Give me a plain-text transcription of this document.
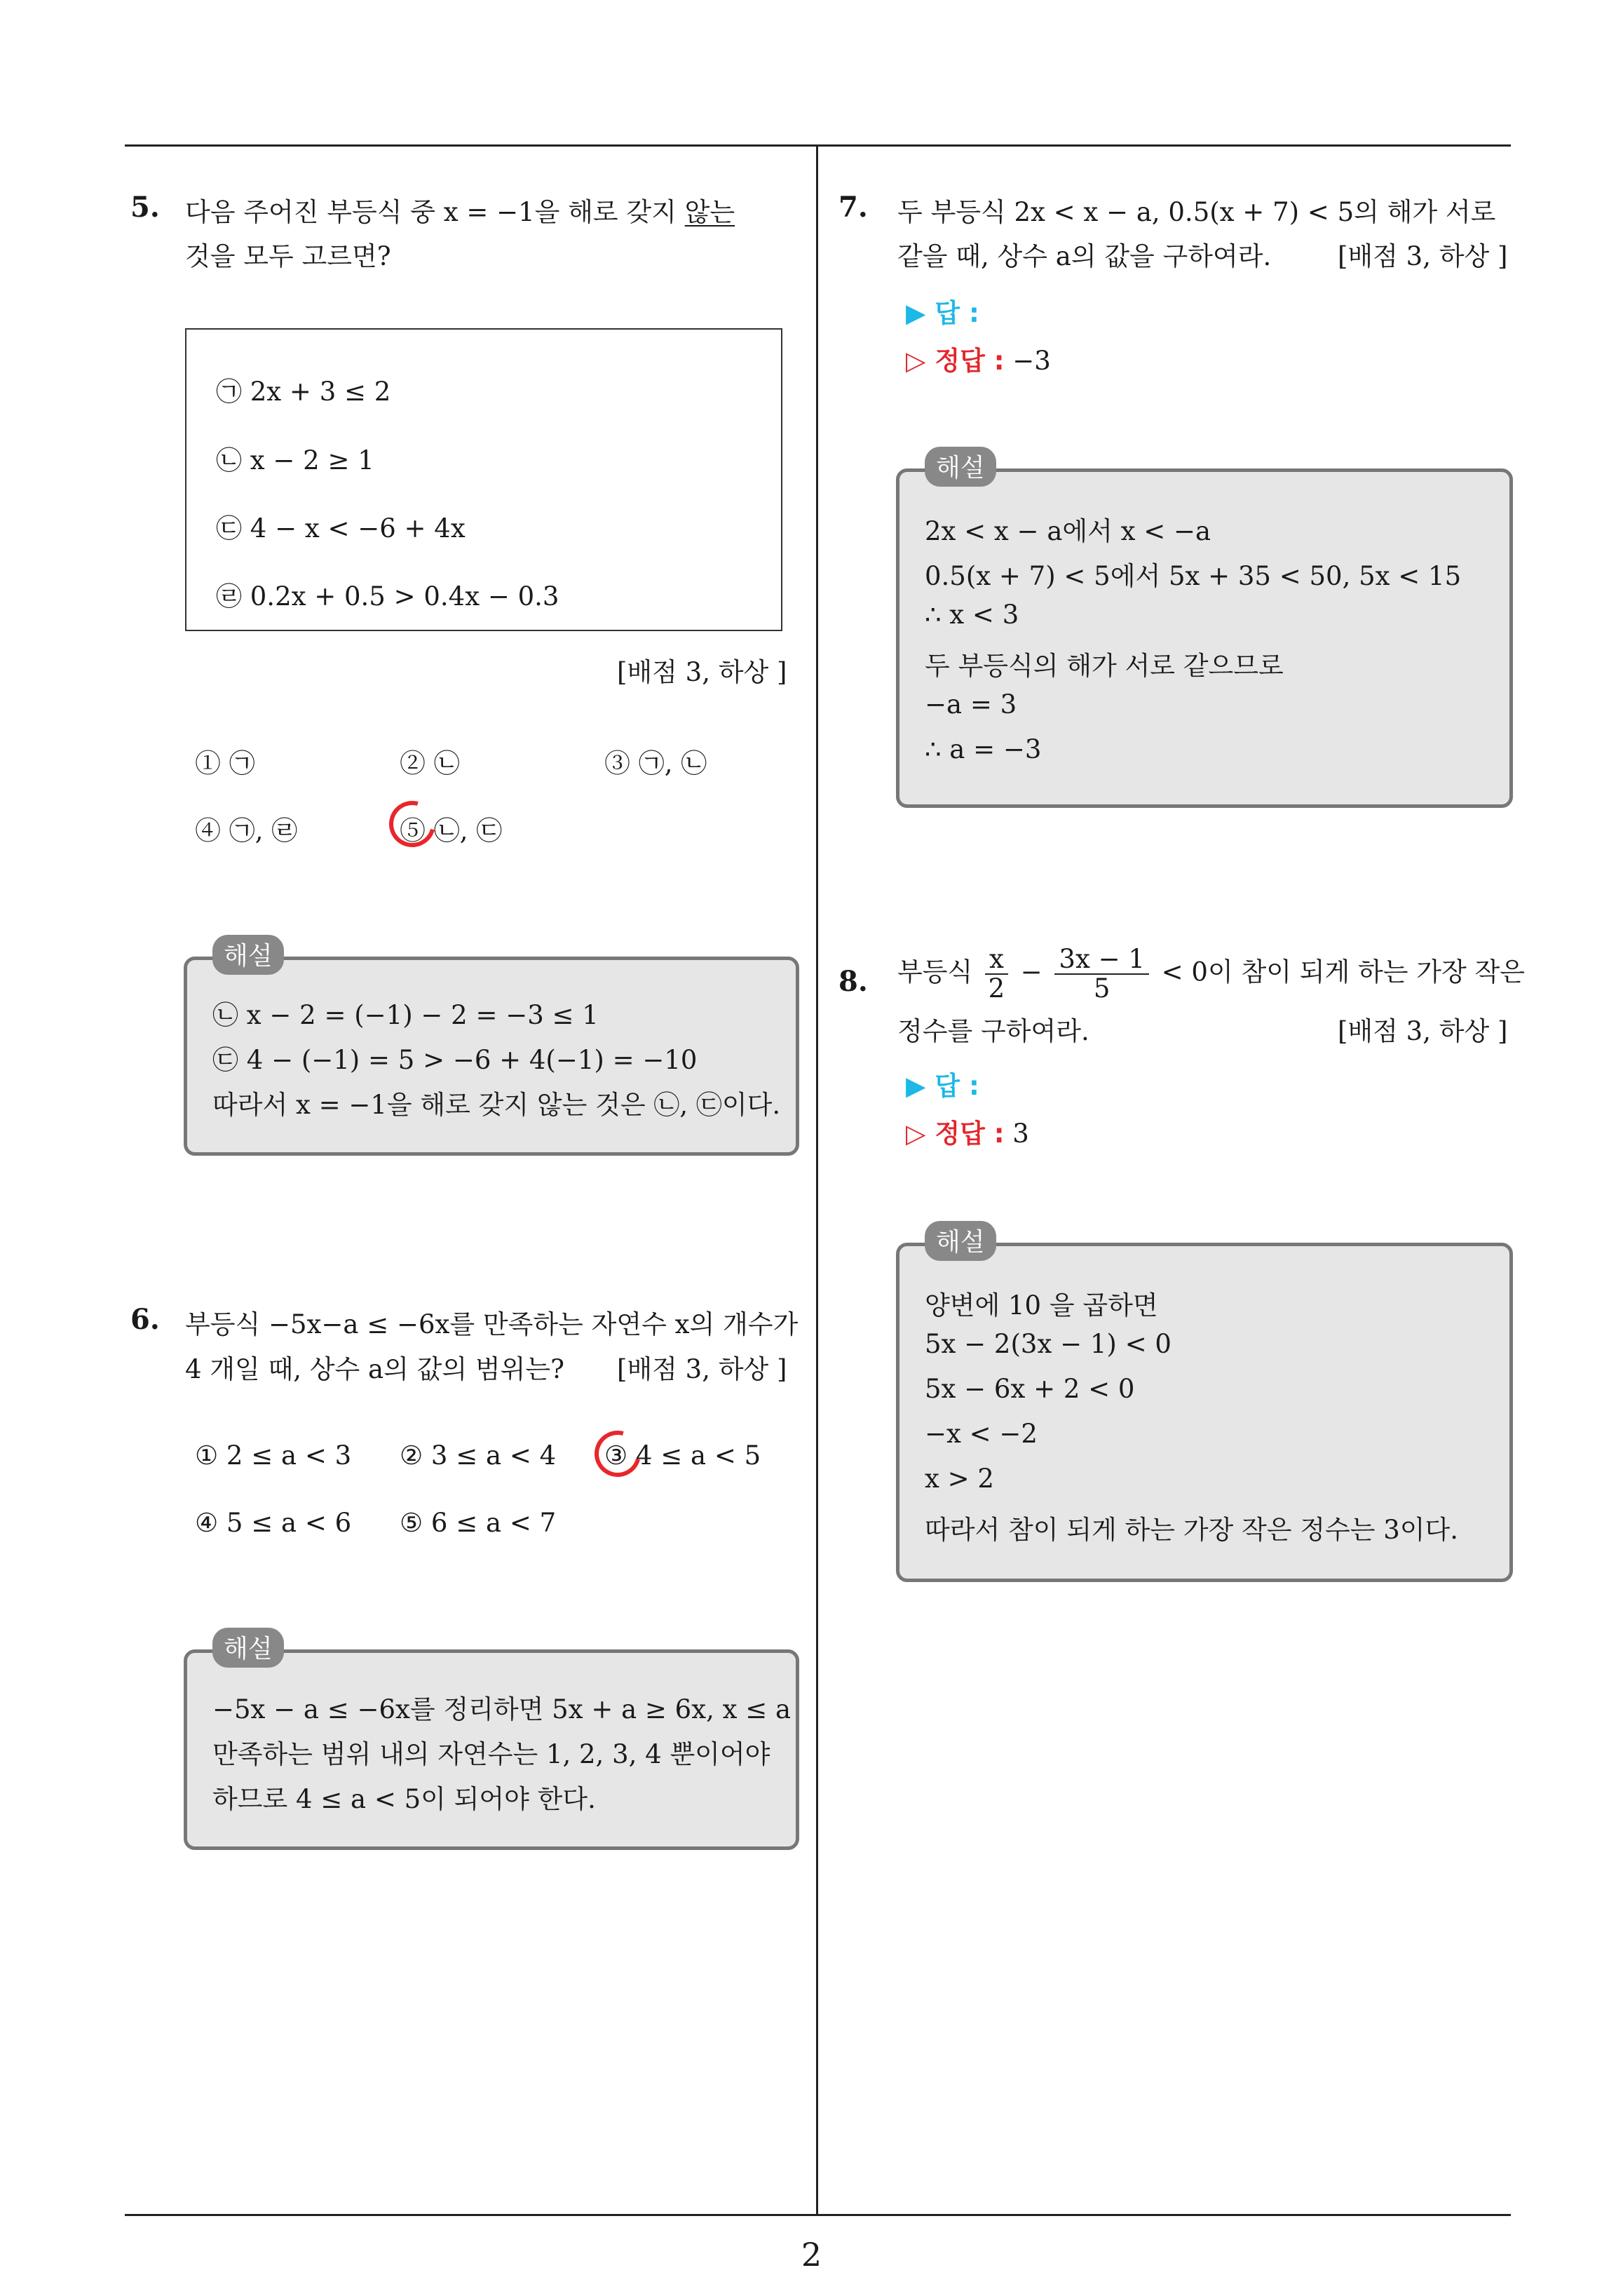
2
5. 다음 주어진 부등식 중 x = −1을 해로 갖지 않는
것을 모두 고르면?
㉠ 2x + 3 ≤ 2
㉡ x − 2 ≥ 1
㉢ 4 − x < −6 + 4x
㉣ 0.2x + 0.5 > 0.4x − 0.3
[배점 3, 하상 ]
① ㉠	② ㉡	③ ㉠, ㉡
④ ㉠, ㉣	⑤ ㉡, ㉢
해설
㉡ x − 2 = (−1) − 2 = −3 ≤ 1
㉢ 4 − (−1) = 5 > −6 + 4(−1) = −10
따라서 x = −1을 해로 갖지 않는 것은 ㉡, ㉢이다.
6. 부등식 −5x−a ≤ −6x를 만족하는 자연수 x의 개수가
4 개일 때, 상수 a의 값의 범위는? [배점 3, 하상 ]
① 2 ≤ a < 3 ② 3 ≤ a < 4 ③ 4 ≤ a < 5
④ 5 ≤ a < 6 ⑤ 6 ≤ a < 7
해설
−5x − a ≤ −6x를 정리하면 5x + a ≥ 6x, x ≤ a
만족하는 범위 내의 자연수는 1, 2, 3, 4 뿐이어야
하므로 4 ≤ a < 5이 되어야 한다.
7. 두 부등식 2x < x − a, 0.5(x + 7) < 5의 해가 서로
같을 때, 상수 a의 값을 구하여라.	[배점 3, 하상 ]
▶ 답 :
▷ 정답 : −3
해설
2x < x − a에서 x < −a
0.5(x + 7) < 5에서 5x + 35 < 50, 5x < 15
∴ x < 3
두 부등식의 해가 서로 같으므로
−a = 3
∴ a = −3
8. 부등식 $\frac{x}{2} - \frac{3x - 1}{5} < 0$이 참이 되게 하는 가장 작은
정수를 구하여라.	[배점 3, 하상 ]
▶ 답 :
▷ 정답 : 3
해설
양변에 10 을 곱하면
5x − 2(3x − 1) < 0
5x − 6x + 2 < 0
−x < −2
x > 2
따라서 참이 되게 하는 가장 작은 정수는 3이다.
